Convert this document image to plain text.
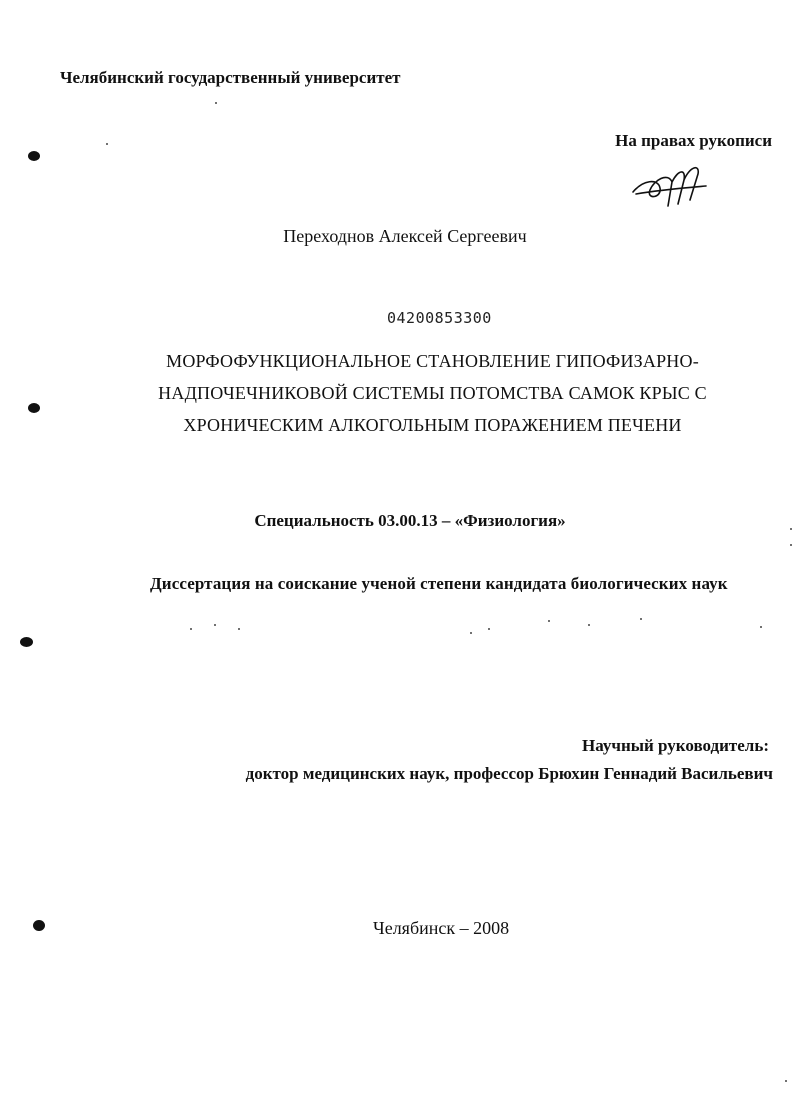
Челябинский государственный университет
На правах рукописи
Переходнов Алексей Сергеевич
04200853300
МОРФОФУНКЦИОНАЛЬНОЕ СТАНОВЛЕНИЕ ГИПОФИЗАРНО-
НАДПОЧЕЧНИКОВОЙ СИСТЕМЫ ПОТОМСТВА САМОК КРЫС С
ХРОНИЧЕСКИМ АЛКОГОЛЬНЫМ ПОРАЖЕНИЕМ ПЕЧЕНИ
Специальность 03.00.13 – «Физиология»
Диссертация на соискание ученой степени кандидата биологических наук
Научный руководитель:
доктор медицинских наук, профессор Брюхин Геннадий Васильевич
Челябинск – 2008
